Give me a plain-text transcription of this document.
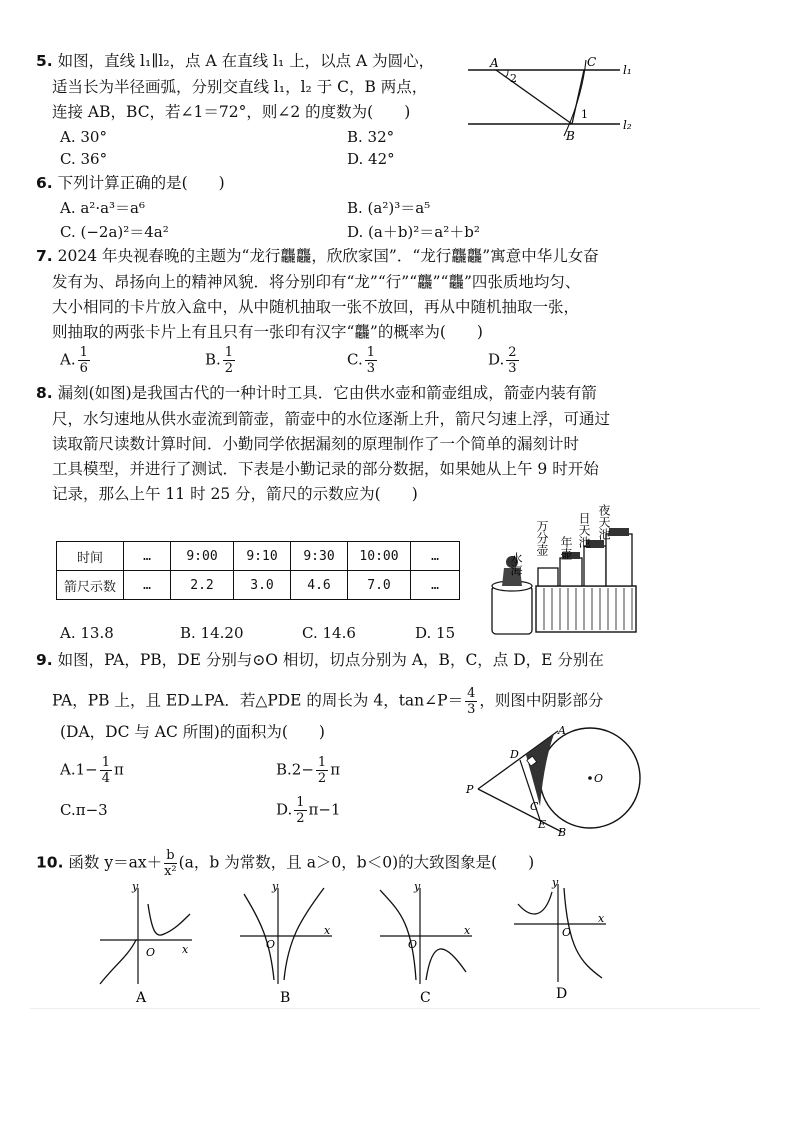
5. 如图，直线 l₁∥l₂，点 A 在直线 l₁ 上，以点 A 为圆心，
适当长为半径画弧，分别交直线 l₁，l₂ 于 C，B 两点，
连接 AB，BC，若∠1＝72°，则∠2 的度数为(　　)
A. 30°	B. 32°
C. 36°	D. 42°
A
2
C
1
B
l₁
l₂
6. 下列计算正确的是(　　)
A. a²·a³＝a⁶	B. (a²)³＝a⁵
C. (−2a)²＝4a²	D. (a＋b)²＝a²＋b²
7. 2024 年央视春晚的主题为“龙行龘龘，欣欣家国”．“龙行龘龘”寓意中华儿女奋
发有为、昂扬向上的精神风貌．将分别印有“龙”“行”“龘”“龘”四张质地均匀、
大小相同的卡片放入盒中，从中随机抽取一张不放回，再从中随机抽取一张，
则抽取的两张卡片上有且只有一张印有汉字“龘”的概率为(　　)
A. $\frac{1}{6}$	B. $\frac{1}{2}$	C. $\frac{1}{3}$	D. $\frac{2}{3}$
8. 漏刻(如图)是我国古代的一种计时工具．它由供水壶和箭壶组成，箭壶内装有箭
尺，水匀速地从供水壶流到箭壶，箭壶中的水位逐渐上升，箭尺匀速上浮，可通过
读取箭尺读数计算时间．小勤同学依据漏刻的原理制作了一个简单的漏刻计时
工具模型，并进行了测试．下表是小勤记录的部分数据，如果她从上午 9 时开始
记录，那么上午 11 时 25 分，箭尺的示数应为(　　)
时间	…	9:00	9:10	9:30	10:00	…
箭尺示数	…	2.2	3.0	4.6	7.0	…
A. 13.8	B. 14.20	C. 14.6	D. 15
水海
万分壶 年壶 日天池 夜天池
9. 如图，PA，PB，DE 分别与⊙O 相切，切点分别为 A，B，C，点 D，E 分别在
PA，PB 上，且 ED⊥PA．若△PDE 的周长为 4，tan∠P＝ $\frac{4}{3}$ ，则图中阴影部分
(DA，DC 与 AC 所围)的面积为(　　)
$A.1- \frac{1}{4}$ π	$B.2- \frac{1}{2}$ π
C.π−3	D. $\frac{1}{2} \pi-1$
A
D
O
P
C
E
B
10. 函数 $y=ax+ \frac{b}{\text{x²}} (a$，b 为常数，且 a＞0，b＜0)的大致图象是(　　)
y
x
O
A
y
x
O
B
y
x
O
C
y
x
O
D
